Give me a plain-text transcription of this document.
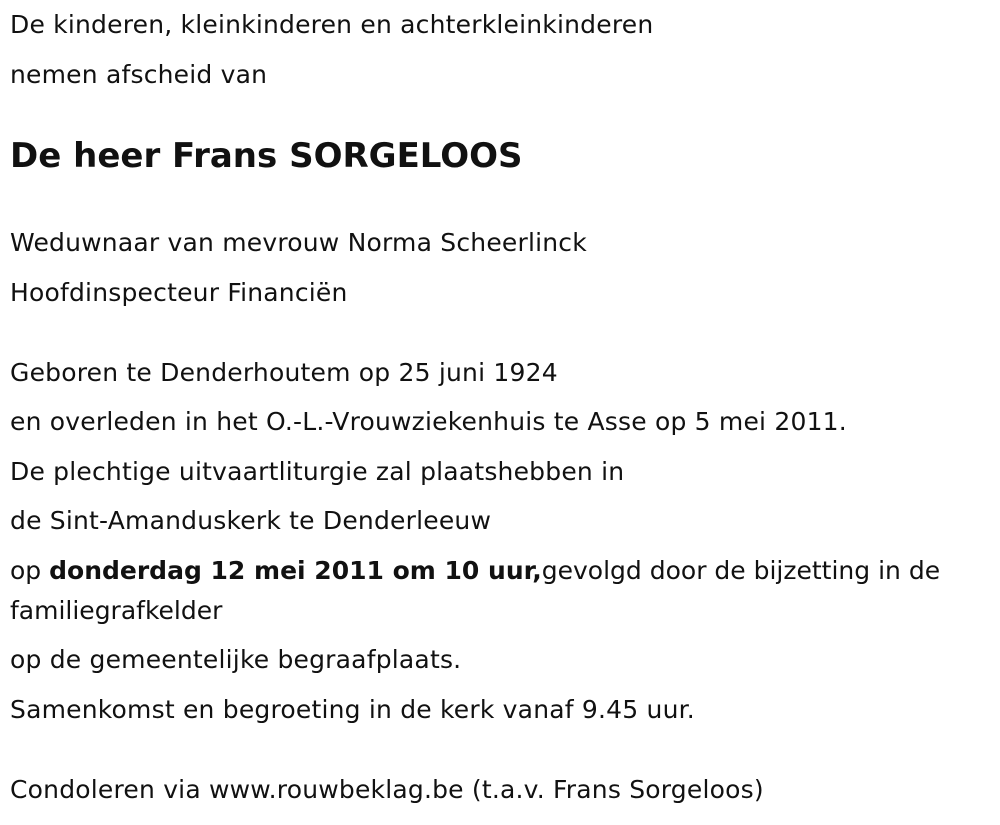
De kinderen, kleinkinderen en achterkleinkinderen
nemen afscheid van
De heer Frans SORGELOOS
Weduwnaar van mevrouw Norma Scheerlinck
Hoofdinspecteur Financiën
Geboren te Denderhoutem op 25 juni 1924
en overleden in het O.-L.-Vrouwziekenhuis te Asse op 5 mei 2011.
De plechtige uitvaartliturgie zal plaatshebben in
de Sint-Amanduskerk te Denderleeuw
op donderdag 12 mei 2011 om 10 uur,gevolgd door de bijzetting in de familiegrafkelder
op de gemeentelijke begraafplaats.
Samenkomst en begroeting in de kerk vanaf 9.45 uur.
Condoleren via www.rouwbeklag.be (t.a.v. Frans Sorgeloos)
